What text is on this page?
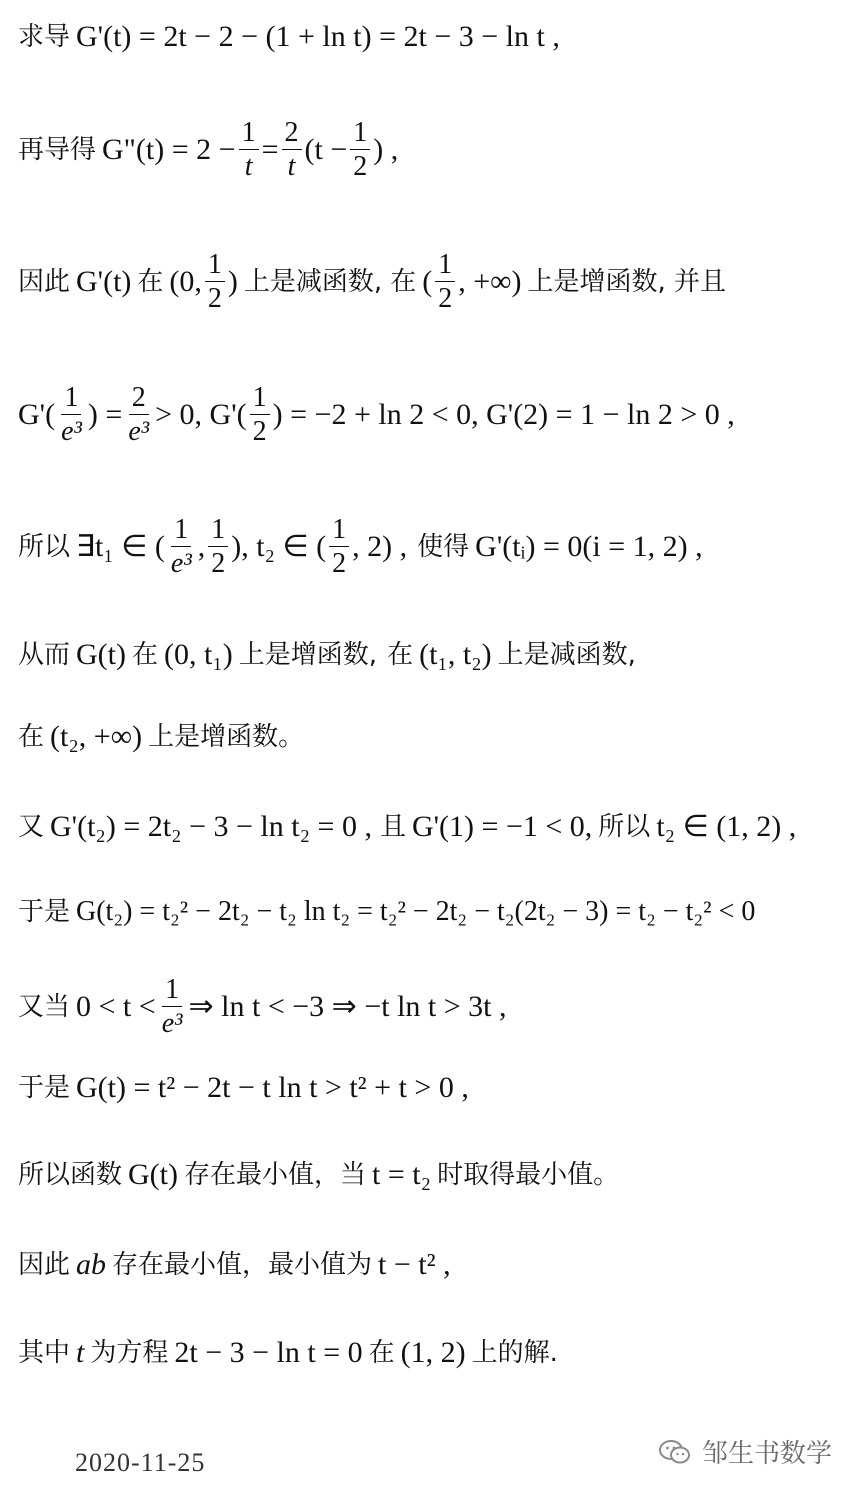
求导 G'(t) = 2t − 2 − (1 + ln t) = 2t − 3 − ln t ,
再导得 G"(t) = $2 - \frac{1}{t} = \frac{2}{t} (t - \frac{1}{2}$ ) ,
因此 G'(t) 在 (0, $\frac{1}{2}$ ) 上是减函数, 在 ( $\frac{1}{2}$ , +∞) 上是增函数, 并且
$G'( \frac{1}{\text{e³}}$ ) = $\frac{2}{\text{e³}} > 0$, $G'( \frac{1}{2}$ ) = −2 + ln 2 < 0, G'(2) = 1 − ln 2 > 0 ,
所以 ∃t₁ ∈ ( $\frac{1}{\text{e³}}$ , $\frac{1}{2}$ ), t₂ ∈ ( $\frac{1}{2}$ , 2) , 使得 G'(tᵢ) = 0(i = 1, 2) ,
从而 G(t) 在 (0, t₁) 上是增函数, 在 (t₁, t₂) 上是减函数,
在 (t₂, +∞) 上是增函数。
又 G'(t₂) = 2t₂ − 3 − ln t₂ = 0 , 且 G'(1) = −1 < 0, 所以 t₂ ∈ (1, 2) ,
于是 G(t₂) = t₂² − 2t₂ − t₂ ln t₂ = t₂² − 2t₂ − t₂(2t₂ − 3) = t₂ − t₂² < 0
又当 $0 < t < \frac{1}{\text{e³}}$ ⇒ ln t < −3 ⇒ −t ln t > 3t ,
于是 G(t) = t² − 2t − t ln t > t² + t > 0 ,
所以函数 G(t) 存在最小值，当 t = t₂ 时取得最小值。
因此 ab 存在最小值，最小值为 t − t² ,
其中 t 为方程 2t − 3 − ln t = 0 在 (1, 2) 上的解.
2020-11-25	邹生书数学
